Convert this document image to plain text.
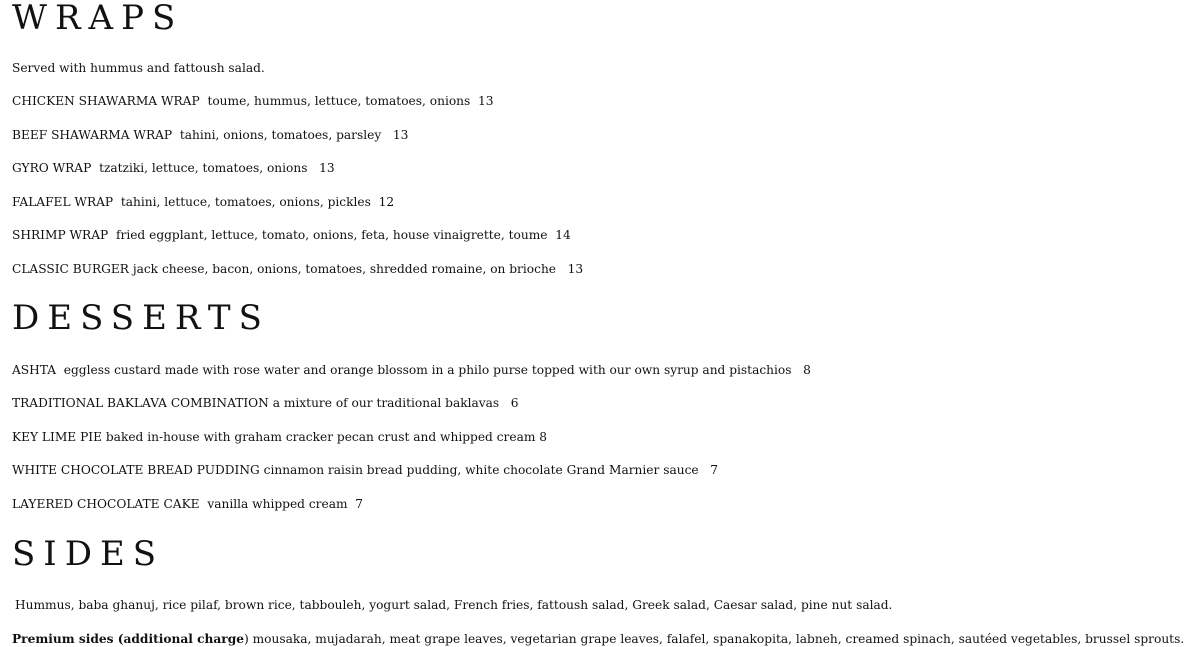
WRAPS

Served with hummus and fattoush salad.

CHICKEN SHAWARMA WRAP toume, hummus, lettuce, tomatoes, onions 13

BEEF SHAWARMA WRAP tahini, onions, tomatoes, parsley 13

GYRO WRAP tzatziki, lettuce, tomatoes, onions 13

FALAFEL WRAP tahini, lettuce, tomatoes, onions, pickles 12

SHRIMP WRAP fried eggplant, lettuce, tomato, onions, feta, house vinaigrette, toume 14

CLASSIC BURGER jack cheese, bacon, onions, tomatoes, shredded romaine, on brioche 13

DESSERTS

ASHTA eggless custard made with rose water and orange blossom in a philo purse topped with our own syrup and pistachios 8

TRADITIONAL BAKLAVA COMBINATION a mixture of our traditional baklavas 6

KEY LIME PIE baked in-house with graham cracker pecan crust and whipped cream 8

WHITE CHOCOLATE BREAD PUDDING cinnamon raisin bread pudding, white chocolate Grand Marnier sauce 7

LAYERED CHOCOLATE CAKE vanilla whipped cream 7

SIDES

Hummus, baba ghanuj, rice pilaf, brown rice, tabbouleh, yogurt salad, French fries, fattoush salad, Greek salad, Caesar salad, pine nut salad.

Premium sides (additional charge) mousaka, mujadarah, meat grape leaves, vegetarian grape leaves, falafel, spanakopita, labneh, creamed spinach, sautéed vegetables, brussel sprouts.
